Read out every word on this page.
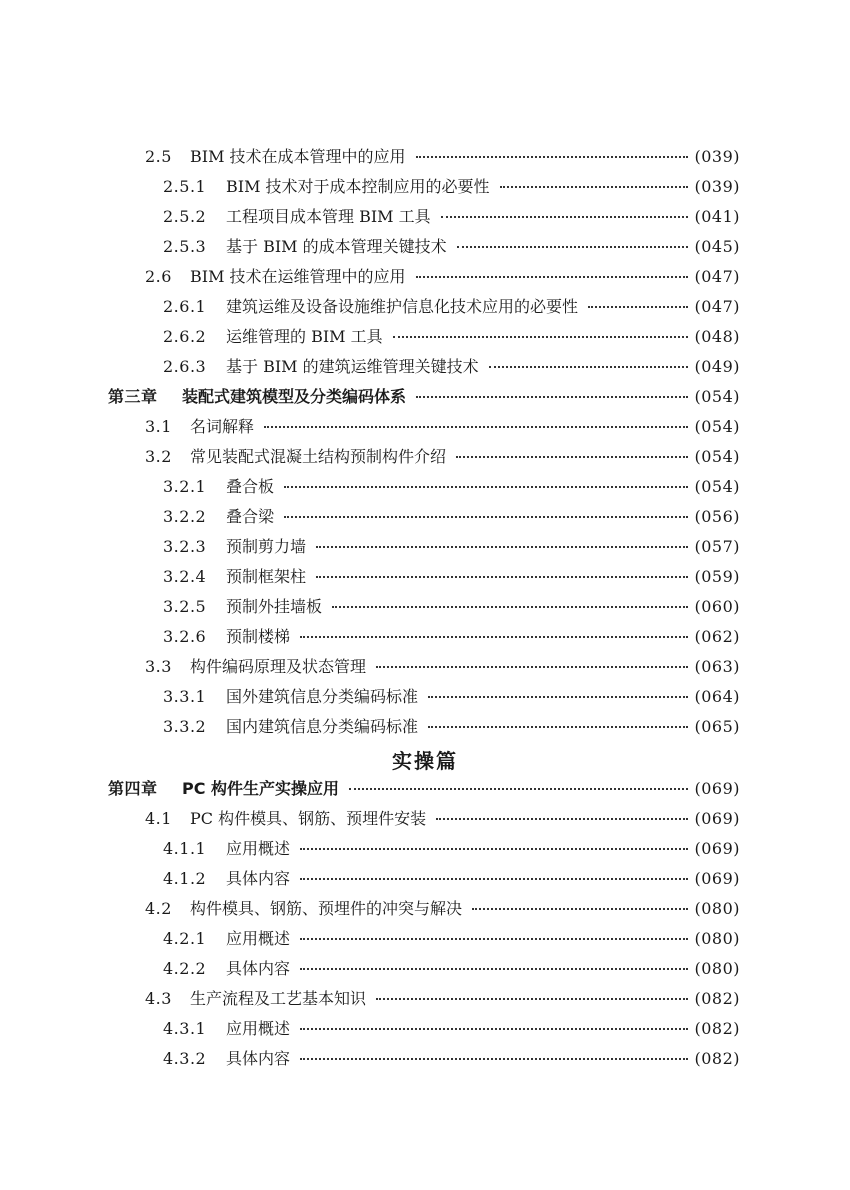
2.5 BIM 技术在成本管理中的应用	(039)
2.5.1 BIM 技术对于成本控制应用的必要性	(039)
2.5.2 工程项目成本管理 BIM 工具	(041)
2.5.3 基于 BIM 的成本管理关键技术	(045)
2.6 BIM 技术在运维管理中的应用	(047)
2.6.1 建筑运维及设备设施维护信息化技术应用的必要性	(047)
2.6.2 运维管理的 BIM 工具	(048)
2.6.3 基于 BIM 的建筑运维管理关键技术	(049)
第三章 装配式建筑模型及分类编码体系	(054)
3.1 名词解释	(054)
3.2 常见装配式混凝土结构预制构件介绍	(054)
3.2.1 叠合板	(054)
3.2.2 叠合梁	(056)
3.2.3 预制剪力墙	(057)
3.2.4 预制框架柱	(059)
3.2.5 预制外挂墙板	(060)
3.2.6 预制楼梯	(062)
3.3 构件编码原理及状态管理	(063)
3.3.1 国外建筑信息分类编码标准	(064)
3.3.2 国内建筑信息分类编码标准	(065)
实操篇
第四章 PC 构件生产实操应用	(069)
4.1 PC 构件模具、钢筋、预埋件安装	(069)
4.1.1 应用概述	(069)
4.1.2 具体内容	(069)
4.2 构件模具、钢筋、预埋件的冲突与解决	(080)
4.2.1 应用概述	(080)
4.2.2 具体内容	(080)
4.3 生产流程及工艺基本知识	(082)
4.3.1 应用概述	(082)
4.3.2 具体内容	(082)
